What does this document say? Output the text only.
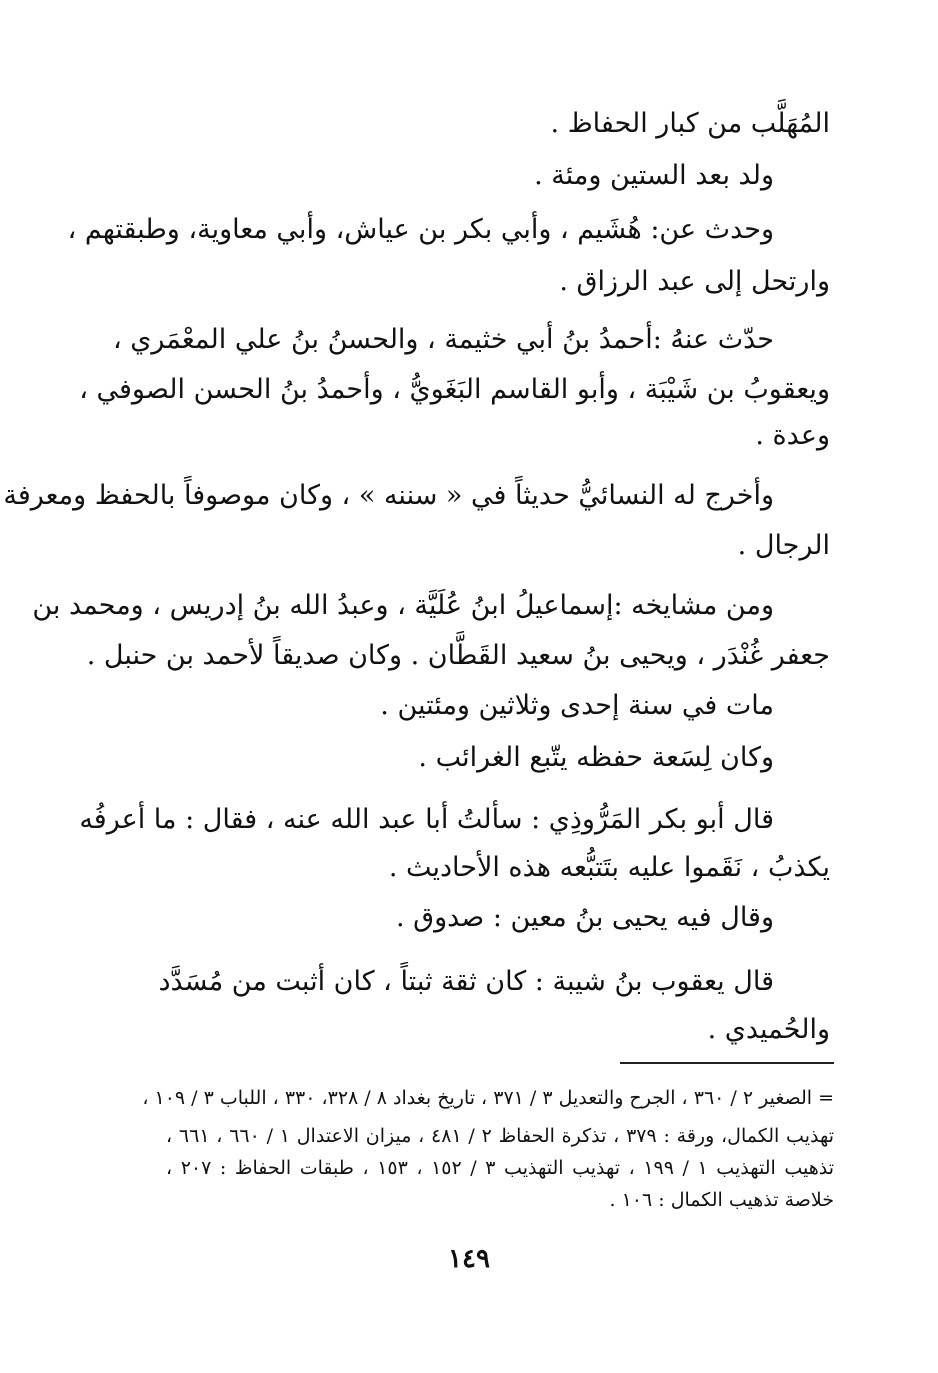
المُهَلَّب من كبار الحفاظ .
ولد بعد الستين ومئة .
وحدث عن: هُشَيم ، وأبي بكر بن عياش، وأبي معاوية، وطبقتهم ،
وارتحل إلى عبد الرزاق .
حدّث عنهُ :أحمدُ بنُ أبي خثيمة ، والحسنُ بنُ علي المعْمَري ،
ويعقوبُ بن شَيْبَة ، وأبو القاسم البَغَويُّ ، وأحمدُ بنُ الحسن الصوفي ،
وعدة .
وأخرج له النسائيُّ حديثاً في « سننه » ، وكان موصوفاً بالحفظ ومعرفة
الرجال .
ومن مشايخه :إسماعيلُ ابنُ عُلَيَّة ، وعبدُ الله بنُ إدريس ، ومحمد بن
جعفر غُنْدَر ، ويحيى بنُ سعيد القَطَّان . وكان صديقاً لأحمد بن حنبل .
مات في سنة إحدى وثلاثين ومئتين .
وكان لِسَعة حفظه يتّبع الغرائب .
قال أبو بكر المَرُّوذِي : سألتُ أبا عبد الله عنه ، فقال : ما أعرفُه
يكذبُ ، نَقَموا عليه بتَتبُّعه هذه الأحاديث .
وقال فيه يحيى بنُ معين : صدوق .
قال يعقوب بنُ شيبة : كان ثقة ثبتاً ، كان أثبت من مُسَدَّد
والحُميدي .
= الصغير ٢ / ٣٦٠ ، الجرح والتعديل ٣ / ٣٧١ ، تاريخ بغداد ٨ / ٣٢٨، ٣٣٠ ، اللباب ٣ / ١٠٩ ،
تهذيب الكمال، ورقة : ٣٧٩ ، تذكرة الحفاظ ٢ / ٤٨١ ، ميزان الاعتدال ١ / ٦٦٠ ، ٦٦١ ،
تذهيب التهذيب ١ / ١٩٩ ، تهذيب التهذيب ٣ / ١٥٢ ، ١٥٣ ، طبقات الحفاظ : ٢٠٧ ،
خلاصة تذهيب الكمال : ١٠٦ .
١٤٩
